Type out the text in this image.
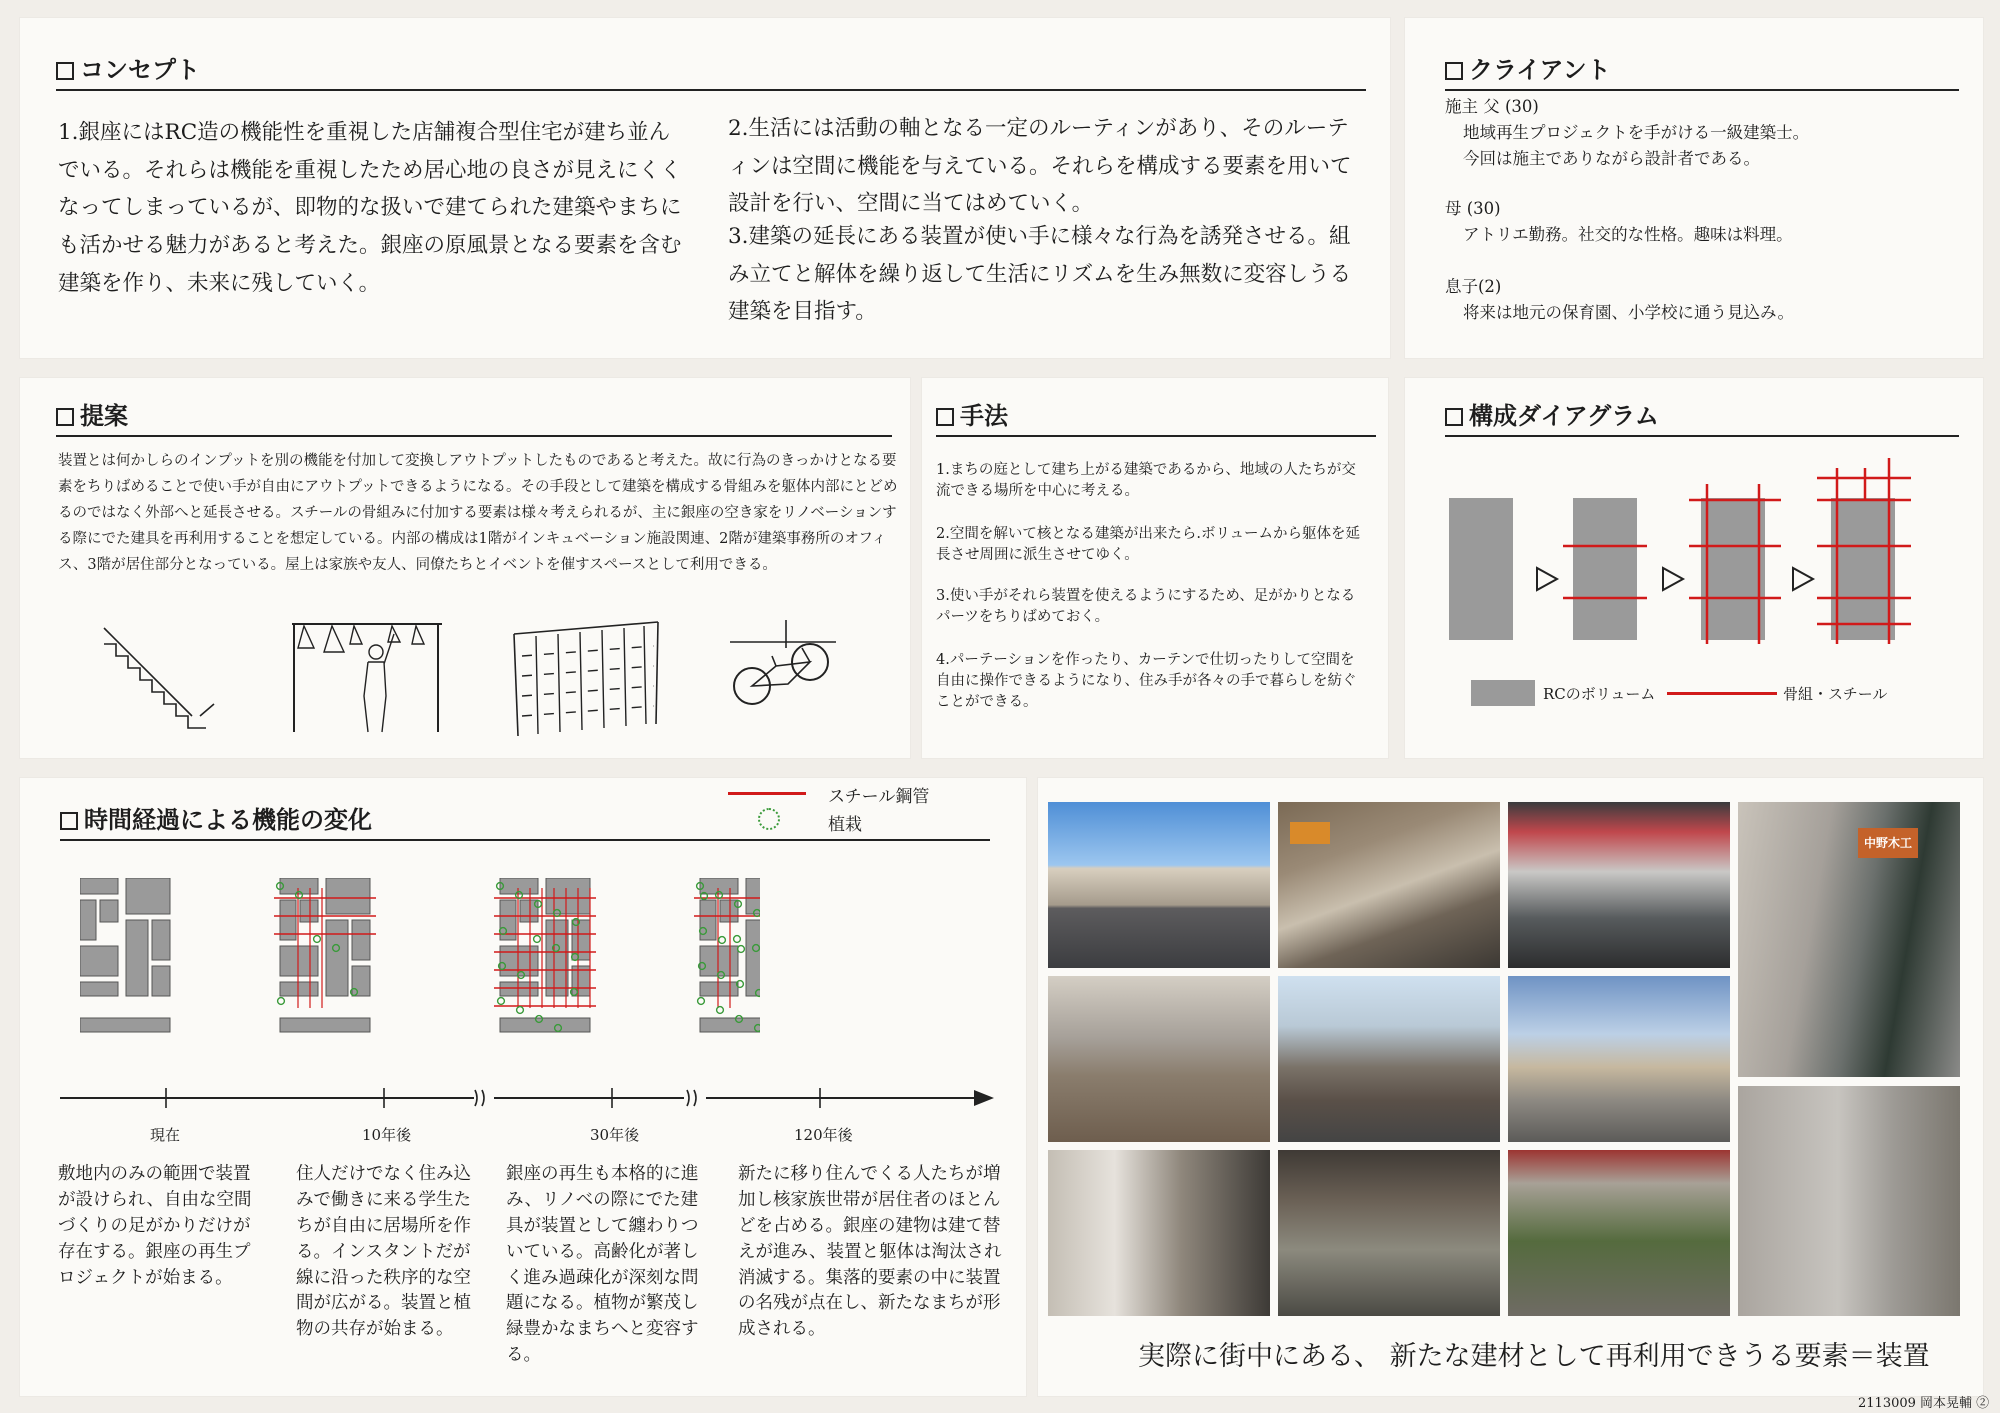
コンセプト
1.銀座にはRC造の機能性を重視した店舗複合型住宅が建ち並んでいる。それらは機能を重視したため居心地の良さが見えにくくなってしまっているが、即物的な扱いで建てられた建築やまちにも活かせる魅力があると考えた。銀座の原風景となる要素を含む建築を作り、未来に残していく。
2.生活には活動の軸となる一定のルーティンがあり、そのルーティンは空間に機能を与えている。それらを構成する要素を用いて設計を行い、空間に当てはめていく。
3.建築の延長にある装置が使い手に様々な行為を誘発させる。組み立てと解体を繰り返して生活にリズムを生み無数に変容しうる建築を目指す。
クライアント
施主 父 (30)
地域再生プロジェクトを手がける一級建築士。
今回は施主でありながら設計者である。
母 (30)
アトリエ勤務。社交的な性格。趣味は料理。
息子(2)
将来は地元の保育園、小学校に通う見込み。
提案
装置とは何かしらのインプットを別の機能を付加して変換しアウトプットしたものであると考えた。故に行為のきっかけとなる要素をちりばめることで使い手が自由にアウトプットできるようになる。その手段として建築を構成する骨組みを躯体内部にとどめるのではなく外部へと延長させる。スチールの骨組みに付加する要素は様々考えられるが、主に銀座の空き家をリノベーションする際にでた建具を再利用することを想定している。内部の構成は1階がインキュベーション施設関連、2階が建築事務所のオフィス、3階が居住部分となっている。屋上は家族や友人、同僚たちとイベントを催すスペースとして利用できる。
手法
1.まちの庭として建ち上がる建築であるから、地域の人たちが交流できる場所を中心に考える。
2.空間を解いて核となる建築が出来たら.ボリュームから躯体を延長させ周囲に派生させてゆく。
3.使い手がそれら装置を使えるようにするため、足がかりとなるパーツをちりばめておく。
4.パーテーションを作ったり、カーテンで仕切ったりして空間を自由に操作できるようになり、住み手が各々の手で暮らしを紡ぐことができる。
構成ダイアグラム
RCのボリューム	骨組・スチール
時間経過による機能の変化
スチール鋼管
植栽
現在	10年後	30年後	120年後
敷地内のみの範囲で装置が設けられ、自由な空間づくりの足がかりだけが存在する。銀座の再生プロジェクトが始まる。
住人だけでなく住み込みで働きに来る学生たちが自由に居場所を作る。インスタントだが線に沿った秩序的な空間が広がる。装置と植物の共存が始まる。
銀座の再生も本格的に進み、リノベの際にでた建具が装置として纏わりついている。高齢化が著しく進み過疎化が深刻な問題になる。植物が繁茂し緑豊かなまちへと変容する。
新たに移り住んでくる人たちが増加し核家族世帯が居住者のほとんどを占める。銀座の建物は建て替えが進み、装置と躯体は淘汰され消滅する。集落的要素の中に装置の名残が点在し、新たなまちが形成される。
中野木工
実際に街中にある、 新たな建材として再利用できうる要素＝装置
2113009 岡本晃輔 ②
